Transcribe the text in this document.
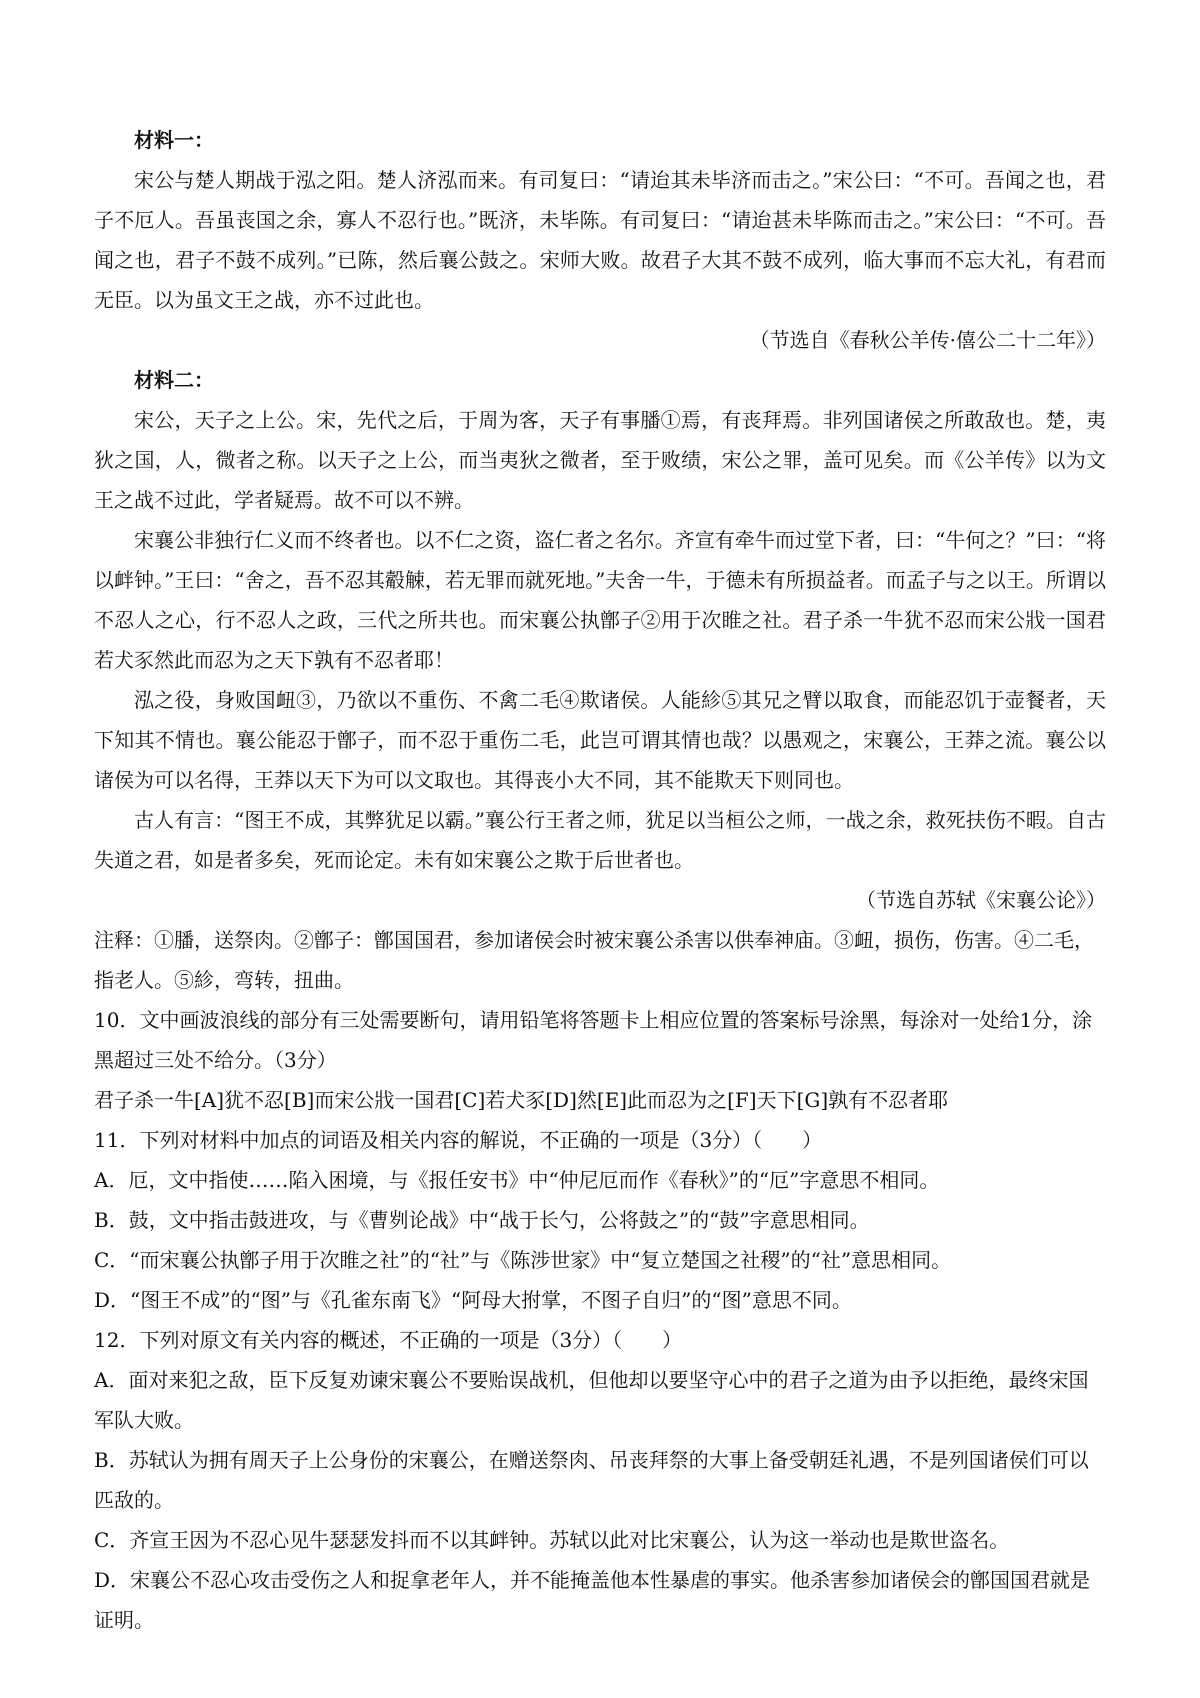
材料一：

宋公与楚人期战于泓之阳。楚人济泓而来。有司复曰：“请迨其未毕济而击之。”宋公曰：“不可。吾闻之也，君子不厄人。吾虽丧国之余，寡人不忍行也。”既济，未毕陈。有司复曰：“请迨甚未毕陈而击之。”宋公曰：“不可。吾闻之也，君子不鼓不成列。”已陈，然后襄公鼓之。宋师大败。故君子大其不鼓不成列，临大事而不忘大礼，有君而无臣。以为虽文王之战，亦不过此也。

（节选自《春秋公羊传·僖公二十二年》）

材料二：

宋公，天子之上公。宋，先代之后，于周为客，天子有事膰①焉，有丧拜焉。非列国诸侯之所敢敌也。楚，夷狄之国，人，微者之称。以天子之上公，而当夷狄之微者，至于败绩，宋公之罪，盖可见矣。而《公羊传》以为文王之战不过此，学者疑焉。故不可以不辨。

宋襄公非独行仁义而不终者也。以不仁之资，盗仁者之名尔。齐宣有牵牛而过堂下者，曰：“牛何之？”曰：“将以衅钟。”王曰：“舍之，吾不忍其觳觫，若无罪而就死地。”夫舍一牛，于德未有所损益者。而孟子与之以王。所谓以不忍人之心，行不忍人之政，三代之所共也。而宋襄公执鄫子②用于次睢之社。君子杀一牛犹不忍而宋公戕一国君若犬豕然此而忍为之天下孰有不忍者耶！

泓之役，身败国衄③，乃欲以不重伤、不禽二毛④欺诸侯。人能紾⑤其兄之臂以取食，而能忍饥于壶餐者，天下知其不情也。襄公能忍于鄫子，而不忍于重伤二毛，此岂可谓其情也哉？以愚观之，宋襄公，王莽之流。襄公以诸侯为可以名得，王莽以天下为可以文取也。其得丧小大不同，其不能欺天下则同也。

古人有言：“图王不成，其弊犹足以霸。”襄公行王者之师，犹足以当桓公之师，一战之余，救死扶伤不暇。自古失道之君，如是者多矣，死而论定。未有如宋襄公之欺于后世者也。

（节选自苏轼《宋襄公论》）

注释：①膰，送祭肉。②鄫子：鄫国国君，参加诸侯会时被宋襄公杀害以供奉神庙。③衄，损伤，伤害。④二毛，指老人。⑤紾，弯转，扭曲。

10．文中画波浪线的部分有三处需要断句，请用铅笔将答题卡上相应位置的答案标号涂黑，每涂对一处给1分，涂黑超过三处不给分。（3分）

君子杀一牛[A]犹不忍[B]而宋公戕一国君[C]若犬豕[D]然[E]此而忍为之[F]天下[G]孰有不忍者耶

11．下列对材料中加点的词语及相关内容的解说，不正确的一项是（3分）（　　）

A．厄，文中指使……陷入困境，与《报任安书》中“仲尼厄而作《春秋》”的“厄”字意思不相同。

B．鼓，文中指击鼓进攻，与《曹刿论战》中“战于长勺，公将鼓之”的“鼓”字意思相同。

C．“而宋襄公执鄫子用于次睢之社”的“社”与《陈涉世家》中“复立楚国之社稷”的“社”意思相同。

D．“图王不成”的“图”与《孔雀东南飞》“阿母大拊掌，不图子自归”的“图”意思不同。

12．下列对原文有关内容的概述，不正确的一项是（3分）（　　）

A．面对来犯之敌，臣下反复劝谏宋襄公不要贻误战机，但他却以要坚守心中的君子之道为由予以拒绝，最终宋国军队大败。

B．苏轼认为拥有周天子上公身份的宋襄公，在赠送祭肉、吊丧拜祭的大事上备受朝廷礼遇，不是列国诸侯们可以匹敌的。

C．齐宣王因为不忍心见牛瑟瑟发抖而不以其衅钟。苏轼以此对比宋襄公，认为这一举动也是欺世盗名。

D．宋襄公不忍心攻击受伤之人和捉拿老年人，并不能掩盖他本性暴虐的事实。他杀害参加诸侯会的鄫国国君就是证明。
